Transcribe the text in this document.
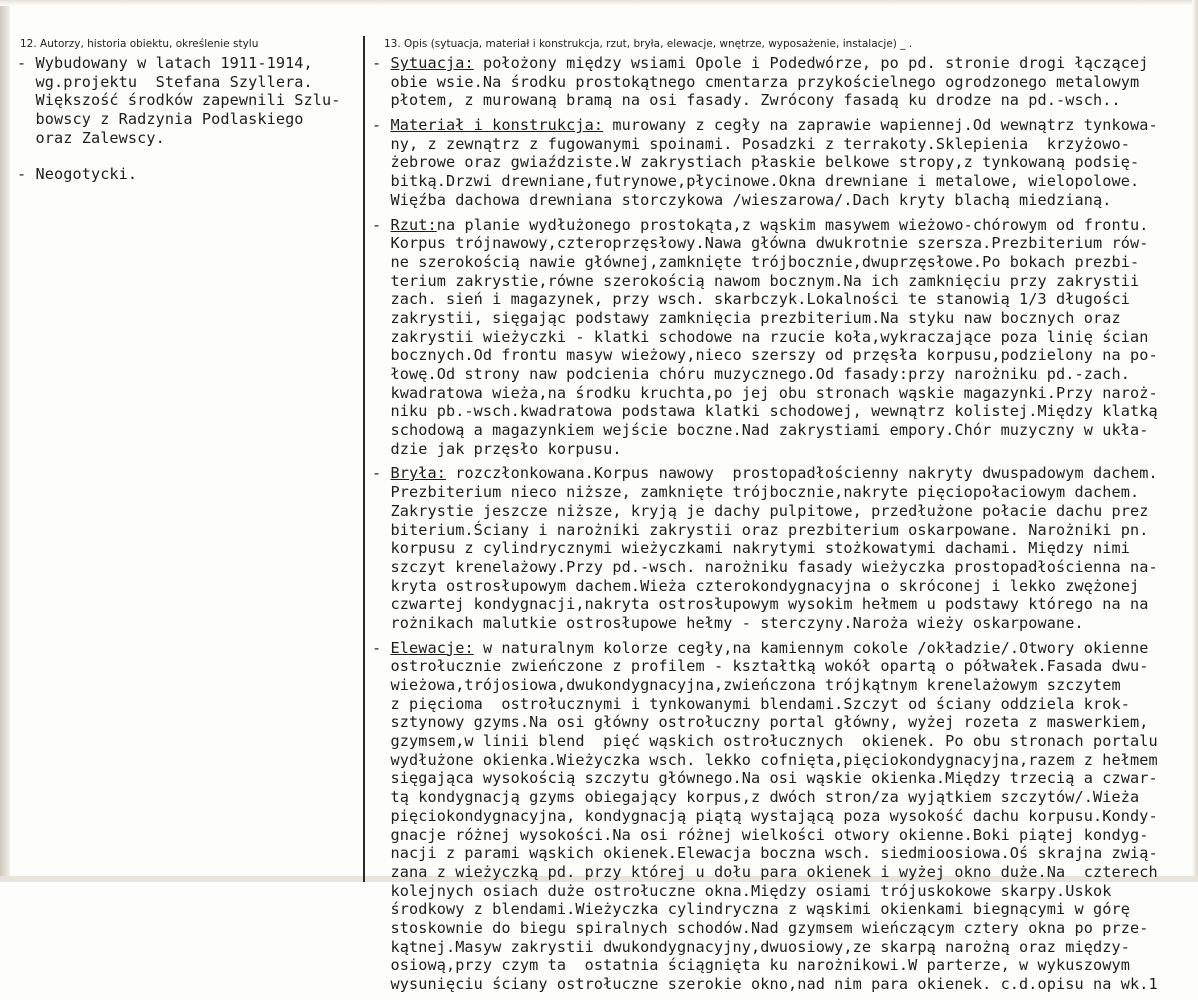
12. Autorzy, historia obiektu, określenie stylu	13. Opis (sytuacja, materiał i konstrukcja, rzut, bryła, elewacje, wnętrze, wyposażenie, instalacje) _ .
- Wybudowany w latach 1911-1914,
wg.projektu  Stefana Szyllera.
Większość środków zapewnili Szlu-
bowscy z Radzynia Podlaskiego
oraz Zalewscy.
- Neogotycki.
- Sytuacja: położony między wsiami Opole i Podedwórze, po pd. stronie drogi łączącej
obie wsie.Na środku prostokątnego cmentarza przykościelnego ogrodzonego metalowym
płotem, z murowaną bramą na osi fasady. Zwrócony fasadą ku drodze na pd.-wsch..
- Materiał i konstrukcja: murowany z cegły na zaprawie wapiennej.Od wewnątrz tynkowa-
ny, z zewnątrz z fugowanymi spoinami. Posadzki z terrakoty.Sklepienia  krzyżowo-
żebrowe oraz gwiaździste.W zakrystiach płaskie belkowe stropy,z tynkowaną podsię-
bitką.Drzwi drewniane,futrynowe,płycinowe.Okna drewniane i metalowe, wielopolowe.
Więźba dachowa drewniana storczykowa /wieszarowa/.Dach kryty blachą miedzianą.
- Rzut:na planie wydłużonego prostokąta,z wąskim masywem wieżowo-chórowym od frontu.
Korpus trójnawowy,czteroprzęsłowy.Nawa główna dwukrotnie szersza.Prezbiterium rów-
ne szerokością nawie głównej,zamknięte trójbocznie,dwuprzęsłowe.Po bokach prezbi-
terium zakrystie,równe szerokością nawom bocznym.Na ich zamknięciu przy zakrystii
zach. sień i magazynek, przy wsch. skarbczyk.Lokalności te stanowią 1/3 długości
zakrystii, sięgając podstawy zamknięcia prezbiterium.Na styku naw bocznych oraz
zakrystii wieżyczki - klatki schodowe na rzucie koła,wykraczające poza linię ścian
bocznych.Od frontu masyw wieżowy,nieco szerszy od przęsła korpusu,podzielony na po-
łowę.Od strony naw podcienia chóru muzycznego.Od fasady:przy narożniku pd.-zach.
kwadratowa wieża,na środku kruchta,po jej obu stronach wąskie magazynki.Przy naroż-
niku pb.-wsch.kwadratowa podstawa klatki schodowej, wewnątrz kolistej.Między klatką
schodową a magazynkiem wejście boczne.Nad zakrystiami empory.Chór muzyczny w ukła-
dzie jak przęsło korpusu.
- Bryła: rozczłonkowana.Korpus nawowy  prostopadłościenny nakryty dwuspadowym dachem.
Prezbiterium nieco niższe, zamknięte trójbocznie,nakryte pięciopołaciowym dachem.
Zakrystie jeszcze niższe, kryją je dachy pulpitowe, przedłużone połacie dachu prez
biterium.Ściany i narożniki zakrystii oraz prezbiterium oskarpowane. Narożniki pn.
korpusu z cylindrycznymi wieżyczkami nakrytymi stożkowatymi dachami. Między nimi
szczyt krenelażowy.Przy pd.-wsch. narożniku fasady wieżyczka prostopadłościenna na-
kryta ostrosłupowym dachem.Wieża czterokondygnacyjna o skróconej i lekko zwężonej
czwartej kondygnacji,nakryta ostrosłupowym wysokim hełmem u podstawy którego na na
rożnikach malutkie ostrosłupowe hełmy - sterczyny.Naroża wieży oskarpowane.
- Elewacje: w naturalnym kolorze cegły,na kamiennym cokole /okładzie/.Otwory okienne
ostrołucznie zwieńczone z profilem - kształtką wokół opartą o półwałek.Fasada dwu-
wieżowa,trójosiowa,dwukondygnacyjna,zwieńczona trójkątnym krenelażowym szczytem
z pięcioma  ostrołucznymi i tynkowanymi blendami.Szczyt od ściany oddziela krok-
sztynowy gzyms.Na osi główny ostrołuczny portal główny, wyżej rozeta z maswerkiem,
gzymsem,w linii blend  pięć wąskich ostrołucznych  okienek. Po obu stronach portalu
wydłużone okienka.Wieżyczka wsch. lekko cofnięta,pięciokondygnacyjna,razem z hełmem
sięgająca wysokością szczytu głównego.Na osi wąskie okienka.Między trzecią a czwar-
tą kondygnacją gzyms obiegający korpus,z dwóch stron/za wyjątkiem szczytów/.Wieża
pięciokondygnacyjna, kondygnacją piątą wystającą poza wysokość dachu korpusu.Kondy-
gnacje różnej wysokości.Na osi różnej wielkości otwory okienne.Boki piątej kondyg-
nacji z parami wąskich okienek.Elewacja boczna wsch. siedmioosiowa.Oś skrajna zwią-
zana z wieżyczką pd. przy której u dołu para okienek i wyżej okno duże.Na  czterech
kolejnych osiach duże ostrołuczne okna.Między osiami trójuskokowe skarpy.Uskok
środkowy z blendami.Wieżyczka cylindryczna z wąskimi okienkami biegnącymi w górę
stoskownie do biegu spiralnych schodów.Nad gzymsem wieńczącym cztery okna po prze-
kątnej.Masyw zakrystii dwukondygnacyjny,dwuosiowy,ze skarpą narożną oraz między-
osiową,przy czym ta  ostatnia ściągnięta ku narożnikowi.W parterze, w wykuszowym
wysunięciu ściany ostrołuczne szerokie okno,nad nim para okienek. c.d.opisu na wk.1
